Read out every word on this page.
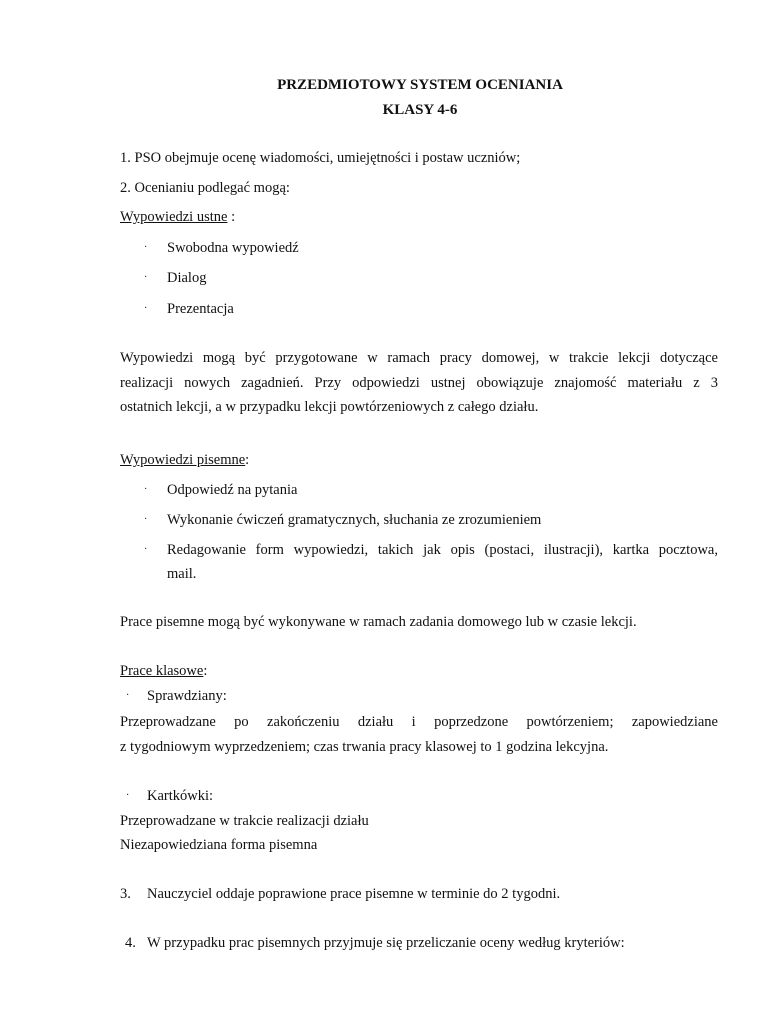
PRZEDMIOTOWY SYSTEM OCENIANIA
KLASY 4-6
1. PSO obejmuje ocenę wiadomości, umiejętności i postaw uczniów;
2. Ocenianiu podlegać mogą:
Wypowiedzi ustne :
· Swobodna wypowiedź
· Dialog
· Prezentacja
Wypowiedzi mogą być przygotowane w ramach pracy domowej, w trakcie lekcji dotyczące
realizacji nowych zagadnień. Przy odpowiedzi ustnej obowiązuje znajomość materiału z 3
ostatnich lekcji, a w przypadku lekcji powtórzeniowych z całego działu.
Wypowiedzi pisemne:
· Odpowiedź na pytania
· Wykonanie ćwiczeń gramatycznych, słuchania ze zrozumieniem
· Redagowanie form wypowiedzi, takich jak opis (postaci, ilustracji), kartka pocztowa,
mail.
Prace pisemne mogą być wykonywane w ramach zadania domowego lub w czasie lekcji.
Prace klasowe:
· Sprawdziany:
Przeprowadzane po zakończeniu działu i poprzedzone powtórzeniem; zapowiedziane
z tygodniowym wyprzedzeniem; czas trwania pracy klasowej to 1 godzina lekcyjna.
· Kartkówki:
Przeprowadzane w trakcie realizacji działu
Niezapowiedziana forma pisemna
3. Nauczyciel oddaje poprawione prace pisemne w terminie do 2 tygodni.
4. W przypadku prac pisemnych przyjmuje się przeliczanie oceny według kryteriów:
